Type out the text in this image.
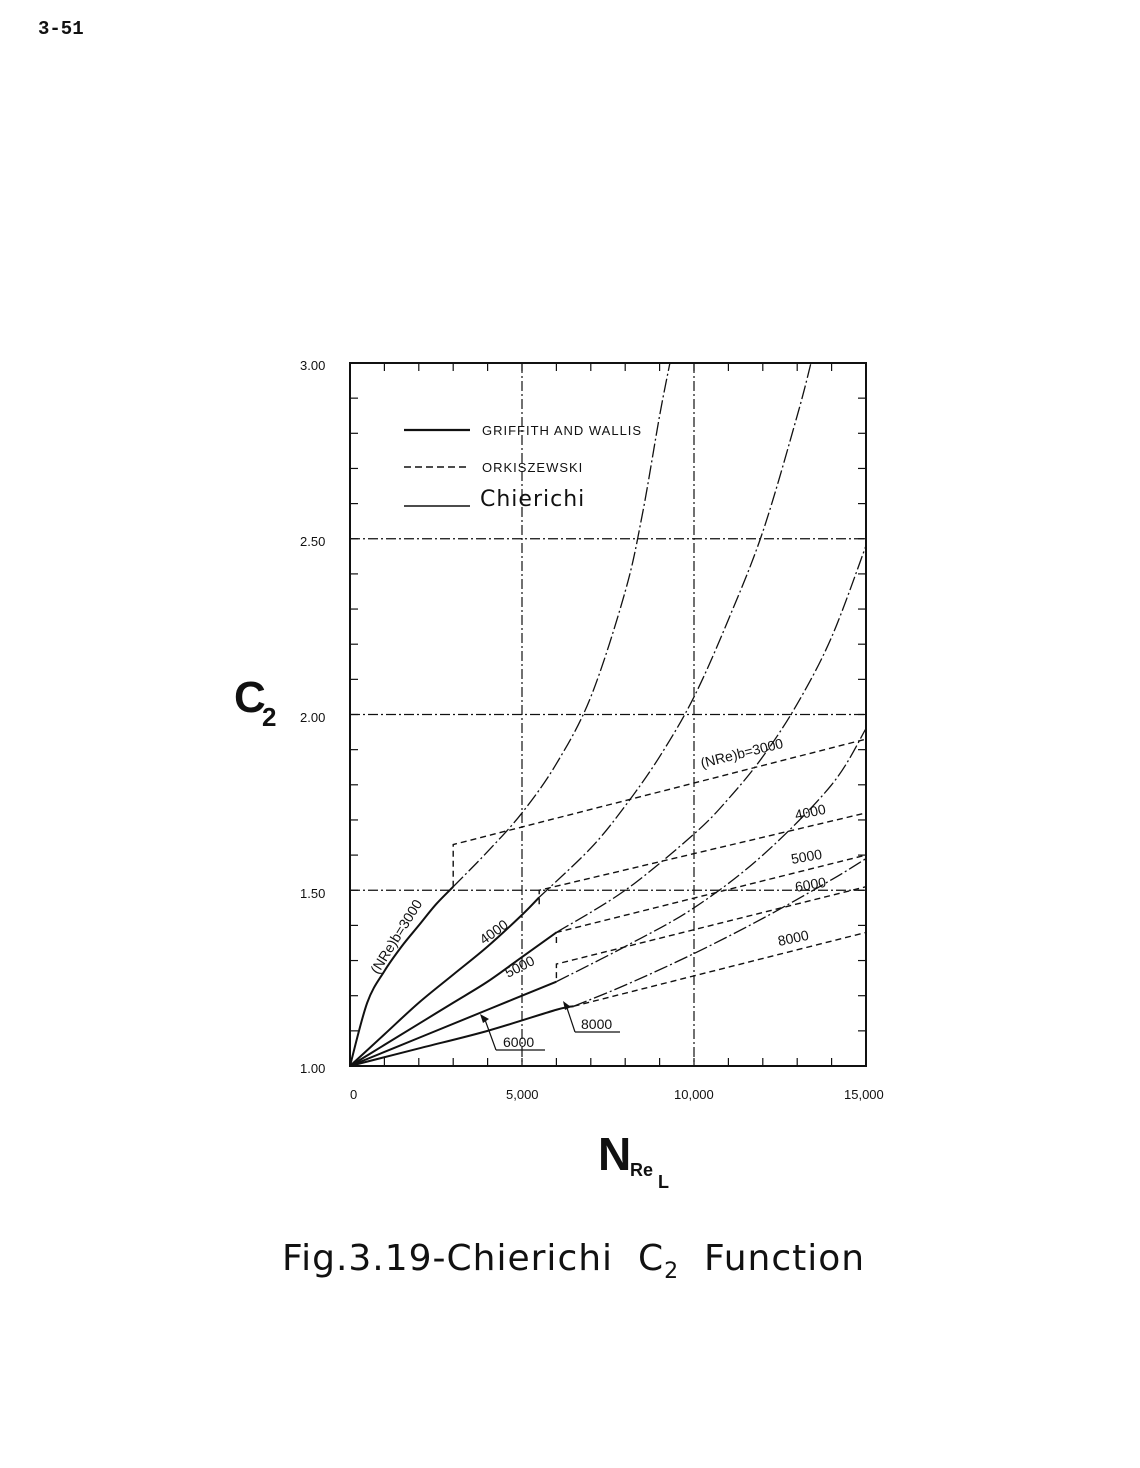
3-51
3.00
2.50
2.00
1.50
1.00
0	5,000	10,000	15,000
GRIFFITH AND WALLIS
ORKISZEWSKI
Chierichi
(NRe)b=3000	4000
5000
6000
8000
(NRe)b=3000
4000
5000
6000
8000
C
2
N
Re
L
Fig.3.19-Chierichi $C_2$ Function
